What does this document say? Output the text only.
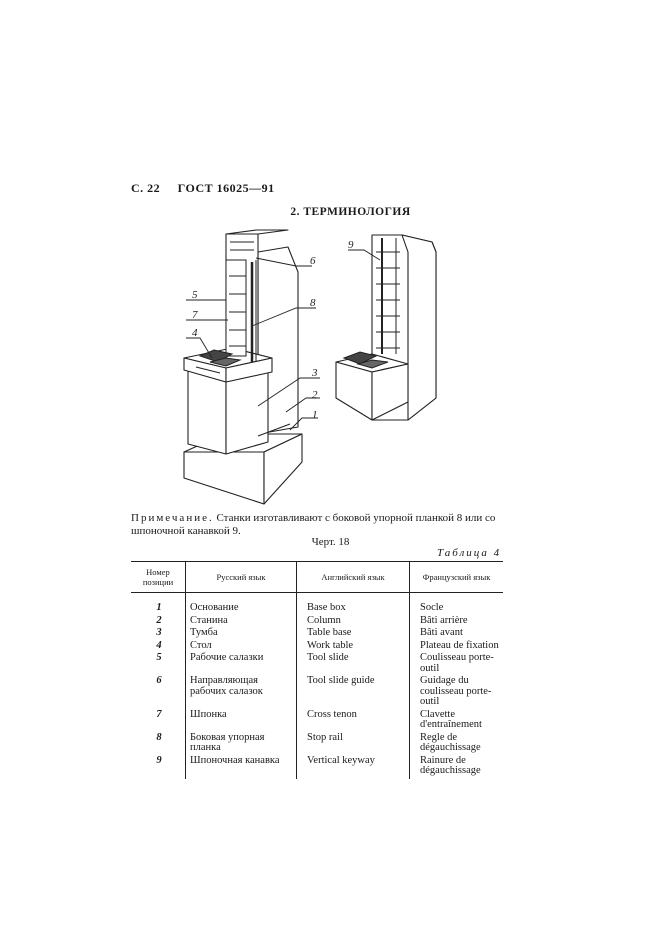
С. 22 ГОСТ 16025—91
2. ТЕРМИНОЛОГИЯ
1
2
3
4
5
6
7
8
9
Примечание. Станки изготавливают с боковой упорной планкой 8 или со шпоночной канавкой 9.
Черт. 18
Таблица 4
Номер позиции	Русский язык	Английский язык	Французский язык

1	Основание	Base box	Socle
2	Станина	Column	Bâti arrière
3	Тумба	Table base	Bâti avant
4	Стол	Work table	Plateau de fixation
5	Рабочие салазки	Tool slide	Coulisseau porte-outil
6	Направляющая рабочих салазок	Tool slide guide	Guidage du coulisseau porte-outil
7	Шпонка	Cross tenon	Clavette d'entraînement
8	Боковая упорная планка	Stop rail	Regle de dégauchissage
9	Шпоночная канавка	Vertical keyway	Rainure de dégauchissage
